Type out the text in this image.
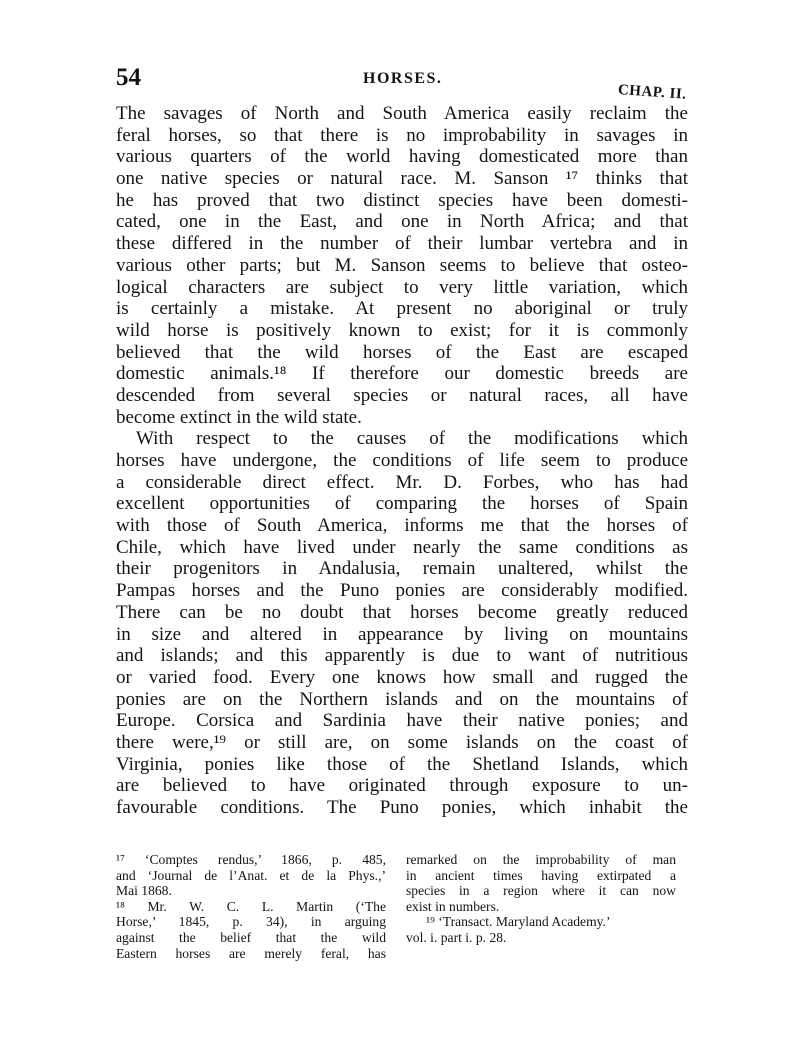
54	HORSES.
CHAP. II.
The savages of North and South America easily reclaim the
feral horses, so that there is no improbability in savages in
various quarters of the world having domesticated more than
one native species or natural race. M. Sanson ¹⁷ thinks that
he has proved that two distinct species have been domesti-
cated, one in the East, and one in North Africa; and that
these differed in the number of their lumbar vertebra and in
various other parts; but M. Sanson seems to believe that osteo-
logical characters are subject to very little variation, which
is certainly a mistake. At present no aboriginal or truly
wild horse is positively known to exist; for it is commonly
believed that the wild horses of the East are escaped
domestic animals.¹⁸ If therefore our domestic breeds are
descended from several species or natural races, all have
become extinct in the wild state.
With respect to the causes of the modifications which
horses have undergone, the conditions of life seem to produce
a considerable direct effect. Mr. D. Forbes, who has had
excellent opportunities of comparing the horses of Spain
with those of South America, informs me that the horses of
Chile, which have lived under nearly the same conditions as
their progenitors in Andalusia, remain unaltered, whilst the
Pampas horses and the Puno ponies are considerably modified.
There can be no doubt that horses become greatly reduced
in size and altered in appearance by living on mountains
and islands; and this apparently is due to want of nutritious
or varied food. Every one knows how small and rugged the
ponies are on the Northern islands and on the mountains of
Europe. Corsica and Sardinia have their native ponies; and
there were,¹⁹ or still are, on some islands on the coast of
Virginia, ponies like those of the Shetland Islands, which
are believed to have originated through exposure to un-
favourable conditions. The Puno ponies, which inhabit the
¹⁷ ‘Comptes rendus,’ 1866, p. 485,
and ‘Journal de l’Anat. et de la Phys.,’
Mai 1868.
¹⁸ Mr. W. C. L. Martin (‘The
Horse,’ 1845, p. 34), in arguing
against the belief that the wild
Eastern horses are merely feral, has
remarked on the improbability of man
in ancient times having extirpated a
species in a region where it can now
exist in numbers.
¹⁹ ‘Transact. Maryland Academy.’
vol. i. part i. p. 28.
